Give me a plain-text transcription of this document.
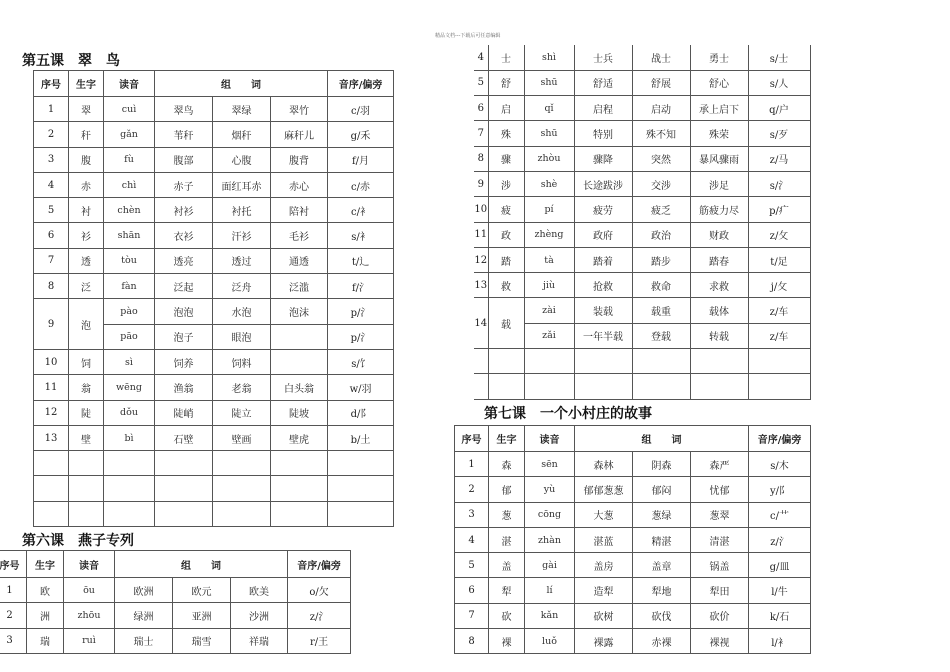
精品文档---下载后可任意编辑
第五课　翠　鸟
序号	生字	读音	组　　词			音序/偏旁
1	翠	cuì	翠鸟	翠绿	翠竹	c/羽
2	秆	gǎn	苇秆	烟秆	麻秆儿	g/禾
3	腹	fù	腹部	心腹	腹背	f/月
4	赤	chì	赤子	面红耳赤	赤心	c/赤
5	衬	chèn	衬衫	衬托	陪衬	c/衤
6	衫	shān	衣衫	汗衫	毛衫	s/衤
7	透	tòu	透亮	透过	通透	t/辶
8	泛	fàn	泛起	泛舟	泛滥	f/氵
9	泡	pào	泡泡	水泡	泡沫	p/氵
		pāo	泡子	眼泡		p/氵
10	饲	sì	饲养	饲料		s/饣
11	翁	wēng	渔翁	老翁	白头翁	w/羽
12	陡	dǒu	陡峭	陡立	陡坡	d/阝
13	壁	bì	石壁	壁画	壁虎	b/土

第六课　燕子专列
序号	生字	读音	组　　词			音序/偏旁
1	欧	ōu	欧洲	欧元	欧美	o/欠
2	洲	zhōu	绿洲	亚洲	沙洲	z/氵
3	瑞	ruì	瑞士	瑞雪	祥瑞	r/王
4	士	shì	士兵	战士	勇士	s/士
5	舒	shū	舒适	舒展	舒心	s/人
6	启	qǐ	启程	启动	承上启下	q/户
7	殊	shū	特别	殊不知	殊荣	s/歹
8	骤	zhòu	骤降	突然	暴风骤雨	z/马
9	涉	shè	长途跋涉	交涉	涉足	s/氵
10	疲	pí	疲劳	疲乏	筋疲力尽	p/疒
11	政	zhèng	政府	政治	财政	z/攵
12	踏	tà	踏着	踏步	踏春	t/足
13	救	jiù	抢救	救命	求救	j/攵
14	载	zài	装载	载重	载体	z/车
		zǎi	一年半载	登载	转载	z/车

第七课　一个小村庄的故事
序号	生字	读音	组　　词			音序/偏旁
1	森	sēn	森林	阴森	森严	s/木
2	郁	yù	郁郁葱葱	郁闷	忧郁	y/阝
3	葱	cōng	大葱	葱绿	葱翠	c/艹
4	湛	zhàn	湛蓝	精湛	清湛	z/氵
5	盖	gài	盖房	盖章	锅盖	g/皿
6	犁	lí	造犁	犁地	犁田	l/牛
7	砍	kǎn	砍树	砍伐	砍价	k/石
8	裸	luǒ	裸露	赤裸	裸视	l/衤
